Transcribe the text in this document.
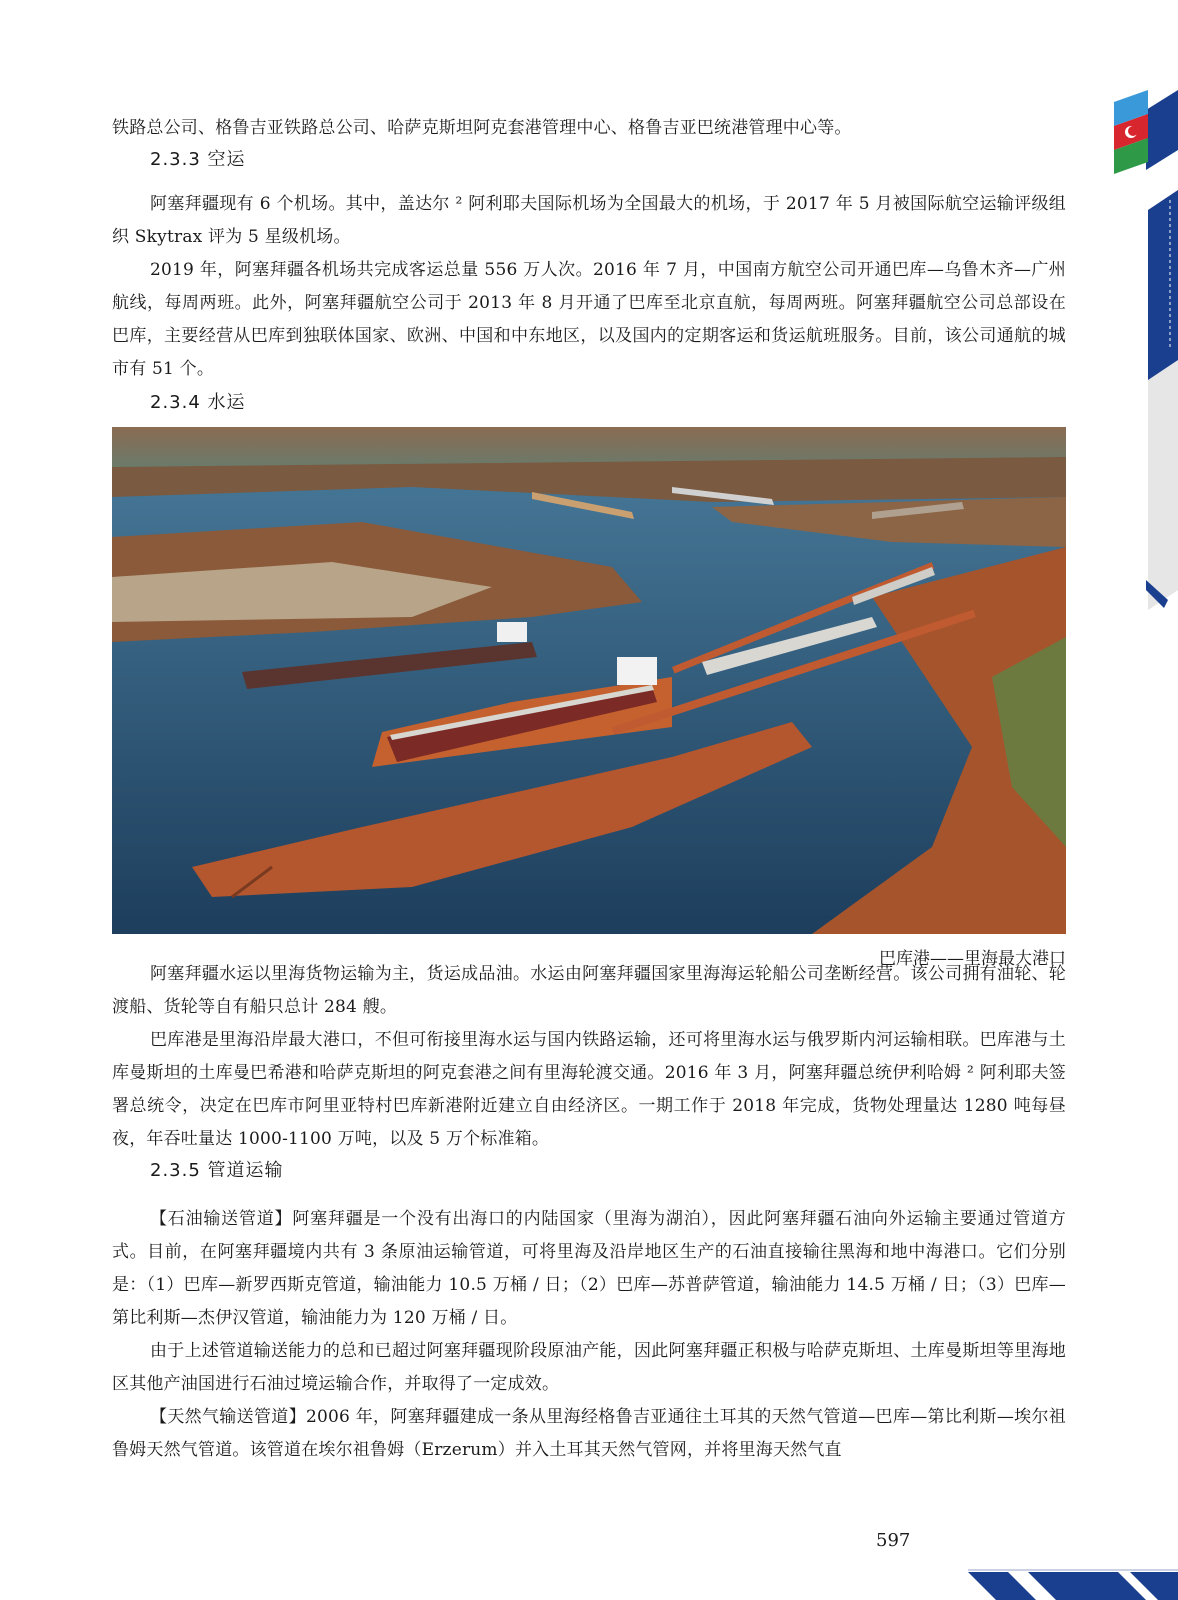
铁路总公司、格鲁吉亚铁路总公司、哈萨克斯坦阿克套港管理中心、格鲁吉亚巴统港管理中心等。

2.3.3 空运

阿塞拜疆现有 6 个机场。其中，盖达尔 ² 阿利耶夫国际机场为全国最大的机场，于 2017 年 5 月被国际航空运输评级组织 Skytrax 评为 5 星级机场。

2019 年，阿塞拜疆各机场共完成客运总量 556 万人次。2016 年 7 月，中国南方航空公司开通巴库—乌鲁木齐—广州航线，每周两班。此外，阿塞拜疆航空公司于 2013 年 8 月开通了巴库至北京直航，每周两班。阿塞拜疆航空公司总部设在巴库，主要经营从巴库到独联体国家、欧洲、中国和中东地区，以及国内的定期客运和货运航班服务。目前，该公司通航的城市有 51 个。

2.3.4 水运

巴库港——里海最大港口

阿塞拜疆水运以里海货物运输为主，货运成品油。水运由阿塞拜疆国家里海海运轮船公司垄断经营。该公司拥有油轮、轮渡船、货轮等自有船只总计 284 艘。

巴库港是里海沿岸最大港口，不但可衔接里海水运与国内铁路运输，还可将里海水运与俄罗斯内河运输相联。巴库港与土库曼斯坦的土库曼巴希港和哈萨克斯坦的阿克套港之间有里海轮渡交通。2016 年 3 月，阿塞拜疆总统伊利哈姆 ² 阿利耶夫签署总统令，决定在巴库市阿里亚特村巴库新港附近建立自由经济区。一期工作于 2018 年完成，货物处理量达 1280 吨每昼夜，年吞吐量达 1000-1100 万吨，以及 5 万个标准箱。

2.3.5 管道运输

【石油输送管道】阿塞拜疆是一个没有出海口的内陆国家（里海为湖泊），因此阿塞拜疆石油向外运输主要通过管道方式。目前，在阿塞拜疆境内共有 3 条原油运输管道，可将里海及沿岸地区生产的石油直接输往黑海和地中海港口。它们分别是：（1）巴库—新罗西斯克管道，输油能力 10.5 万桶 / 日；（2）巴库—苏普萨管道，输油能力 14.5 万桶 / 日；（3）巴库—第比利斯—杰伊汉管道，输油能力为 120 万桶 / 日。

由于上述管道输送能力的总和已超过阿塞拜疆现阶段原油产能，因此阿塞拜疆正积极与哈萨克斯坦、土库曼斯坦等里海地区其他产油国进行石油过境运输合作，并取得了一定成效。

【天然气输送管道】2006 年，阿塞拜疆建成一条从里海经格鲁吉亚通往土耳其的天然气管道—巴库—第比利斯—埃尔祖鲁姆天然气管道。该管道在埃尔祖鲁姆（Erzerum）并入土耳其天然气管网，并将里海天然气直

597
